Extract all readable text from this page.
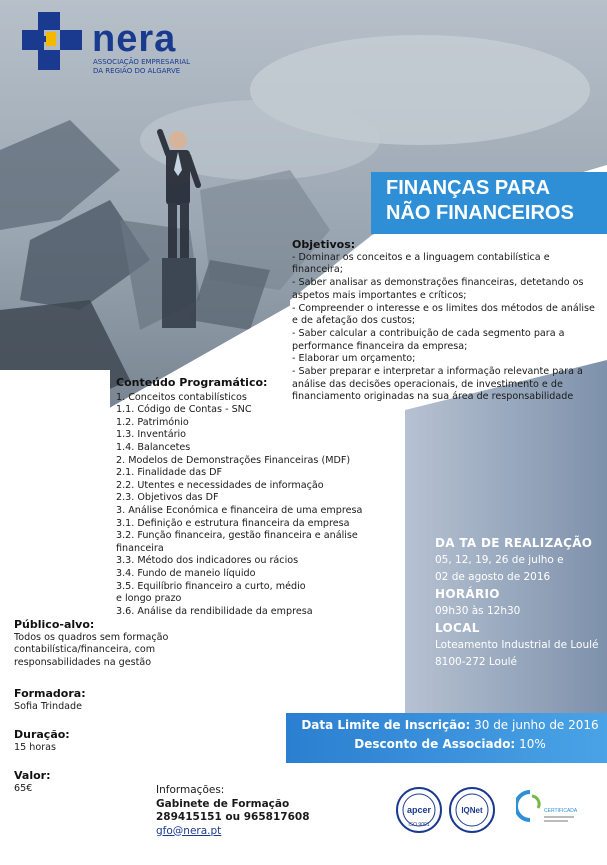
nera
ASSOCIAÇÃO EMPRESARIAL
DA REGIÃO DO ALGARVE
FINANÇAS PARA
NÃO FINANCEIROS
Objetivos:

- Dominar os conceitos e a linguagem contabilística e financeira;

- Saber analisar as demonstrações financeiras, detetando os aspetos mais importantes e críticos;

- Compreender o interesse e os limites dos métodos de análise e de afetação dos custos;

- Saber calcular a contribuição de cada segmento para a performance financeira da empresa;

- Elaborar um orçamento;

- Saber preparar e interpretar a informação relevante para a análise das decisões operacionais, de investimento e de financiamento originadas na sua área de responsabilidade

Conteúdo Programático:

1. Conceitos contabilísticos

1.1. Código de Contas - SNC

1.2. Património

1.3. Inventário

1.4. Balancetes

2. Modelos de Demonstrações Financeiras (MDF)

2.1. Finalidade das DF

2.2. Utentes e necessidades de informação

2.3. Objetivos das DF

3. Análise Económica e financeira de uma empresa

3.1. Definição e estrutura financeira da empresa

3.2. Função financeira, gestão financeira e análise financeira

3.3. Método dos indicadores ou rácios

3.4. Fundo de maneio líquido

3.5. Equilíbrio financeiro a curto, médio e longo prazo

3.6. Análise da rendibilidade da empresa

Público-alvo:

Todos os quadros sem formação contabilística/financeira, com responsabilidades na gestão

Formadora:

Sofia Trindade

Duração:

15 horas

Valor:

65€

DA TA DE REALIZAÇÃO

05, 12, 19, 26 de julho e

02 de agosto de 2016

HORÁRIO

09h30 às 12h30

LOCAL

Loteamento Industrial de Loulé

8100-272 Loulé

Data Limite de Inscrição: 30 de junho de 2016
Desconto de Associado: 10%
Informações:
Gabinete de Formação
289415151 ou 965817608
gfo@nera.pt
apcer
ISO 9001
IQNet	CERTIFICADA
